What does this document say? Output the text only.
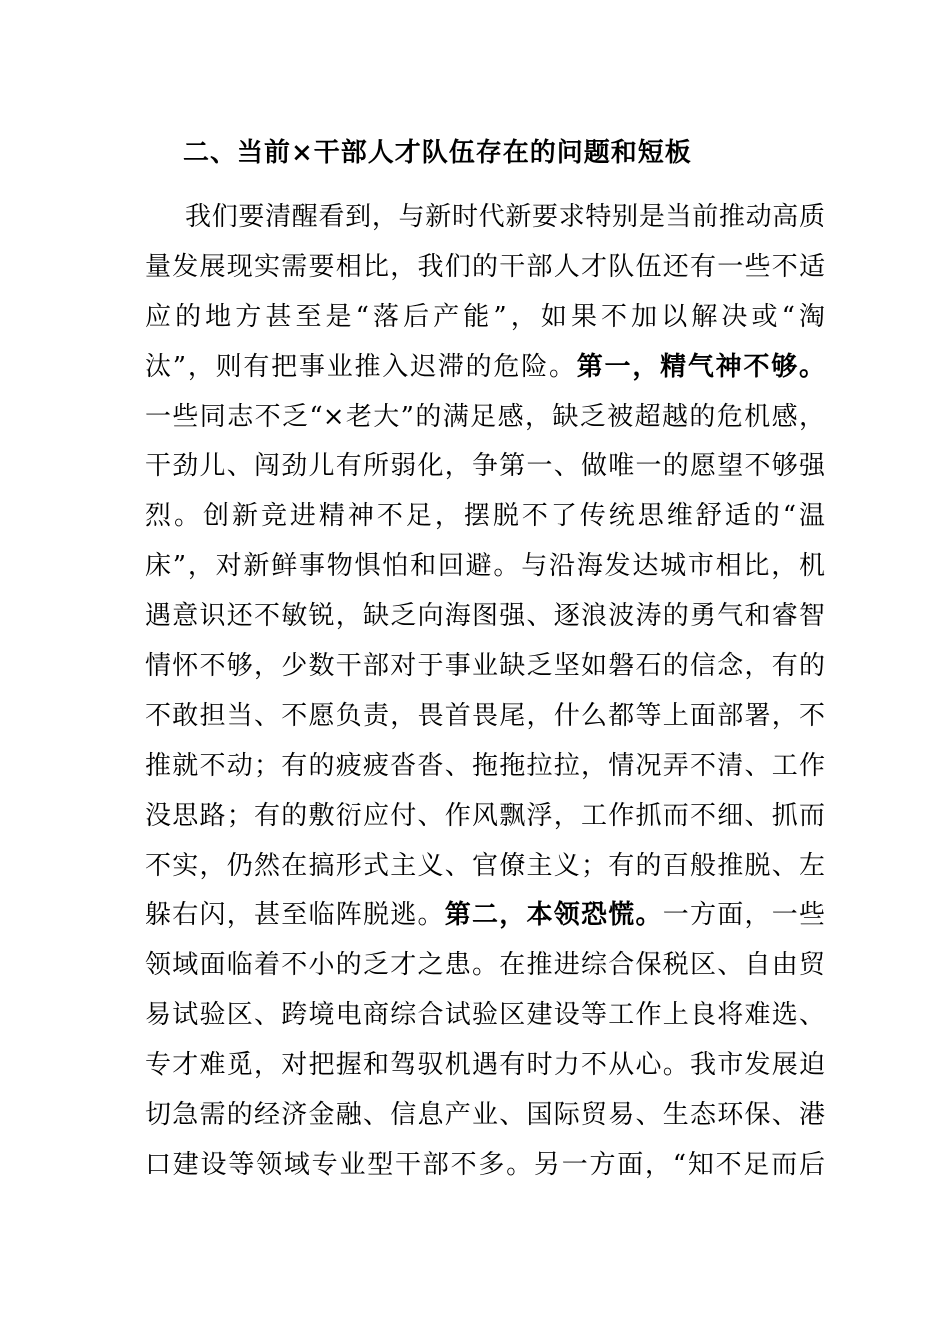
二、当前×干部人才队伍存在的问题和短板
我们要清醒看到，与新时代新要求特别是当前推动高质
量发展现实需要相比，我们的干部人才队伍还有一些不适
应的地方甚至是“落后产能”，如果不加以解决或“淘
汰”，则有把事业推入迟滞的危险。第一，精气神不够。
一些同志不乏“×老大”的满足感，缺乏被超越的危机感，
干劲儿、闯劲儿有所弱化，争第一、做唯一的愿望不够强
烈。创新竞进精神不足，摆脱不了传统思维舒适的“温
床”，对新鲜事物惧怕和回避。与沿海发达城市相比，机
遇意识还不敏锐，缺乏向海图强、逐浪波涛的勇气和睿智
情怀不够，少数干部对于事业缺乏坚如磐石的信念，有的
不敢担当、不愿负责，畏首畏尾，什么都等上面部署，不
推就不动；有的疲疲沓沓、拖拖拉拉，情况弄不清、工作
没思路；有的敷衍应付、作风飘浮，工作抓而不细、抓而
不实，仍然在搞形式主义、官僚主义；有的百般推脱、左
躲右闪，甚至临阵脱逃。第二，本领恐慌。一方面，一些
领域面临着不小的乏才之患。在推进综合保税区、自由贸
易试验区、跨境电商综合试验区建设等工作上良将难选、
专才难觅，对把握和驾驭机遇有时力不从心。我市发展迫
切急需的经济金融、信息产业、国际贸易、生态环保、港
口建设等领域专业型干部不多。另一方面，“知不足而后
